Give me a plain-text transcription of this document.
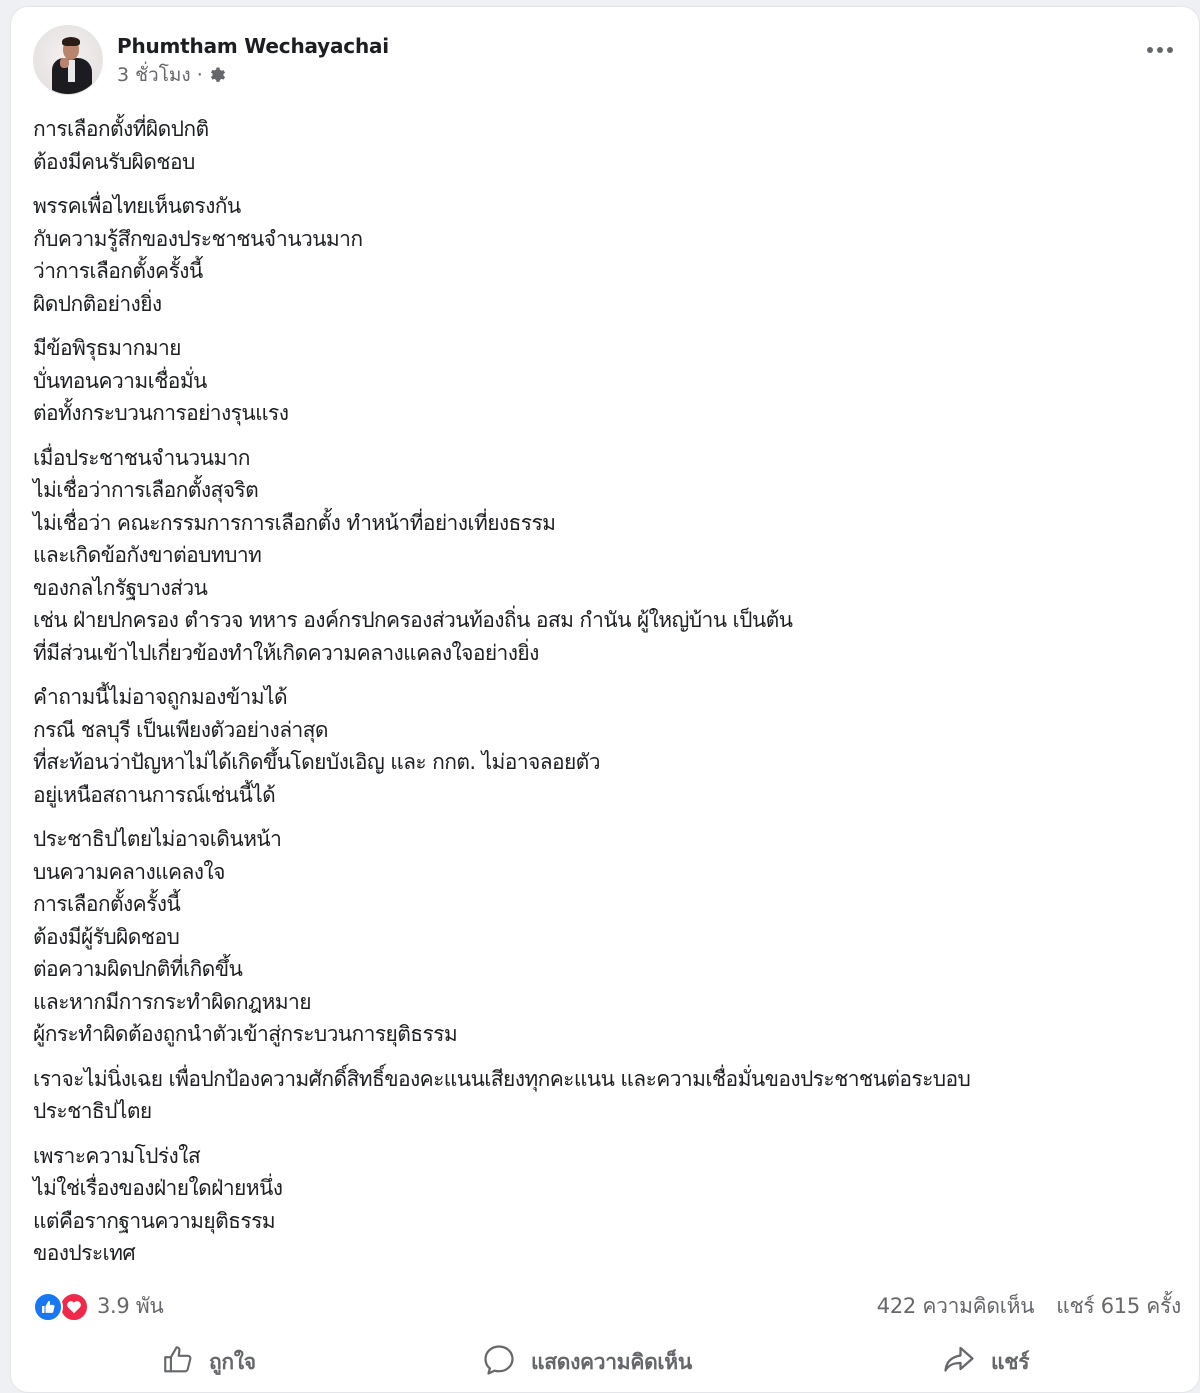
Phumtham Wechayachai
3 ชั่วโมง ·
การเลือกตั้งที่ผิดปกติ
ต้องมีคนรับผิดชอบ
พรรคเพื่อไทยเห็นตรงกัน
กับความรู้สึกของประชาชนจำนวนมาก
ว่าการเลือกตั้งครั้งนี้
ผิดปกติอย่างยิ่ง
มีข้อพิรุธมากมาย
บั่นทอนความเชื่อมั่น
ต่อทั้งกระบวนการอย่างรุนแรง
เมื่อประชาชนจำนวนมาก
ไม่เชื่อว่าการเลือกตั้งสุจริต
ไม่เชื่อว่า คณะกรรมการการเลือกตั้ง ทำหน้าที่อย่างเที่ยงธรรม
และเกิดข้อกังขาต่อบทบาท
ของกลไกรัฐบางส่วน
เช่น ฝ่ายปกครอง ตำรวจ ทหาร องค์กรปกครองส่วนท้องถิ่น อสม กำนัน ผู้ใหญ่บ้าน เป็นต้น
ที่มีส่วนเข้าไปเกี่ยวข้องทำให้เกิดความคลางแคลงใจอย่างยิ่ง
คำถามนี้ไม่อาจถูกมองข้ามได้
กรณี ชลบุรี เป็นเพียงตัวอย่างล่าสุด
ที่สะท้อนว่าปัญหาไม่ได้เกิดขึ้นโดยบังเอิญ และ กกต. ไม่อาจลอยตัว
อยู่เหนือสถานการณ์เช่นนี้ได้
ประชาธิปไตยไม่อาจเดินหน้า
บนความคลางแคลงใจ
การเลือกตั้งครั้งนี้
ต้องมีผู้รับผิดชอบ
ต่อความผิดปกติที่เกิดขึ้น
และหากมีการกระทำผิดกฎหมาย
ผู้กระทำผิดต้องถูกนำตัวเข้าสู่กระบวนการยุติธรรม
เราจะไม่นิ่งเฉย เพื่อปกป้องความศักดิ์สิทธิ์ของคะแนนเสียงทุกคะแนน และความเชื่อมั่นของประชาชนต่อระบอบ
ประชาธิปไตย
เพราะความโปร่งใส
ไม่ใช่เรื่องของฝ่ายใดฝ่ายหนึ่ง
แต่คือรากฐานความยุติธรรม
ของประเทศ
3.9 พัน	422 ความคิดเห็น แชร์ 615 ครั้ง
ถูกใจ	แสดงความคิดเห็น	แชร์
